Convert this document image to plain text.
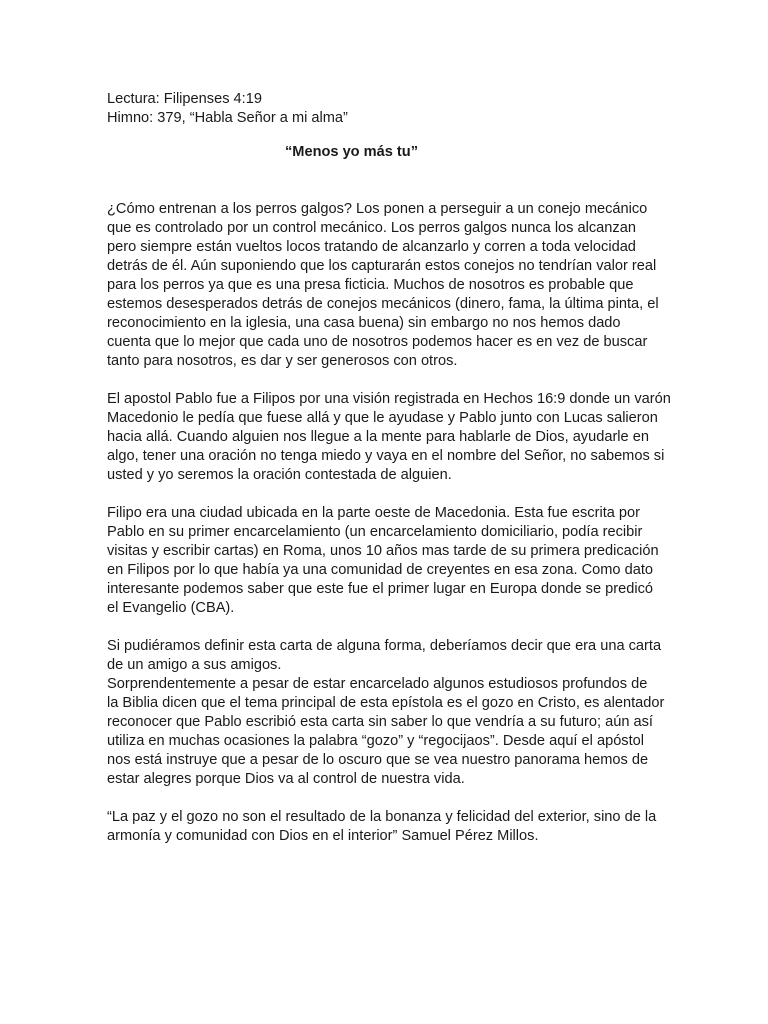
Lectura: Filipenses 4:19

Himno: 379, “Habla Señor a mi alma”

“Menos yo más tu”

¿Cómo entrenan a los perros galgos? Los ponen a perseguir a un conejo mecánico
que es controlado por un control mecánico. Los perros galgos nunca los alcanzan
pero siempre están vueltos locos tratando de alcanzarlo y corren a toda velocidad
detrás de él. Aún suponiendo que los capturarán estos conejos no tendrían valor real
para los perros ya que es una presa ficticia. Muchos de nosotros es probable que
estemos desesperados detrás de conejos mecánicos (dinero, fama, la última pinta, el
reconocimiento en la iglesia, una casa buena) sin embargo no nos hemos dado
cuenta que lo mejor que cada uno de nosotros podemos hacer es en vez de buscar
tanto para nosotros, es dar y ser generosos con otros.

El apostol Pablo fue a Filipos por una visión registrada en Hechos 16:9 donde un varón
Macedonio le pedía que fuese allá y que le ayudase y Pablo junto con Lucas salieron
hacia allá. Cuando alguien nos llegue a la mente para hablarle de Dios, ayudarle en
algo, tener una oración no tenga miedo y vaya en el nombre del Señor, no sabemos si
usted y yo seremos la oración contestada de alguien.

Filipo era una ciudad ubicada en la parte oeste de Macedonia. Esta fue escrita por
Pablo en su primer encarcelamiento (un encarcelamiento domiciliario, podía recibir
visitas y escribir cartas) en Roma, unos 10 años mas tarde de su primera predicación
en Filipos por lo que había ya una comunidad de creyentes en esa zona. Como dato
interesante podemos saber que este fue el primer lugar en Europa donde se predicó
el Evangelio (CBA).

Si pudiéramos definir esta carta de alguna forma, deberíamos decir que era una carta
de un amigo a sus amigos.

Sorprendentemente a pesar de estar encarcelado algunos estudiosos profundos de
la Biblia dicen que el tema principal de esta epístola es el gozo en Cristo, es alentador
reconocer que Pablo escribió esta carta sin saber lo que vendría a su futuro; aún así
utiliza en muchas ocasiones la palabra “gozo” y “regocijaos”. Desde aquí el apóstol
nos está instruye que a pesar de lo oscuro que se vea nuestro panorama hemos de
estar alegres porque Dios va al control de nuestra vida.

“La paz y el gozo no son el resultado de la bonanza y felicidad del exterior, sino de la
armonía y comunidad con Dios en el interior” Samuel Pérez Millos.
